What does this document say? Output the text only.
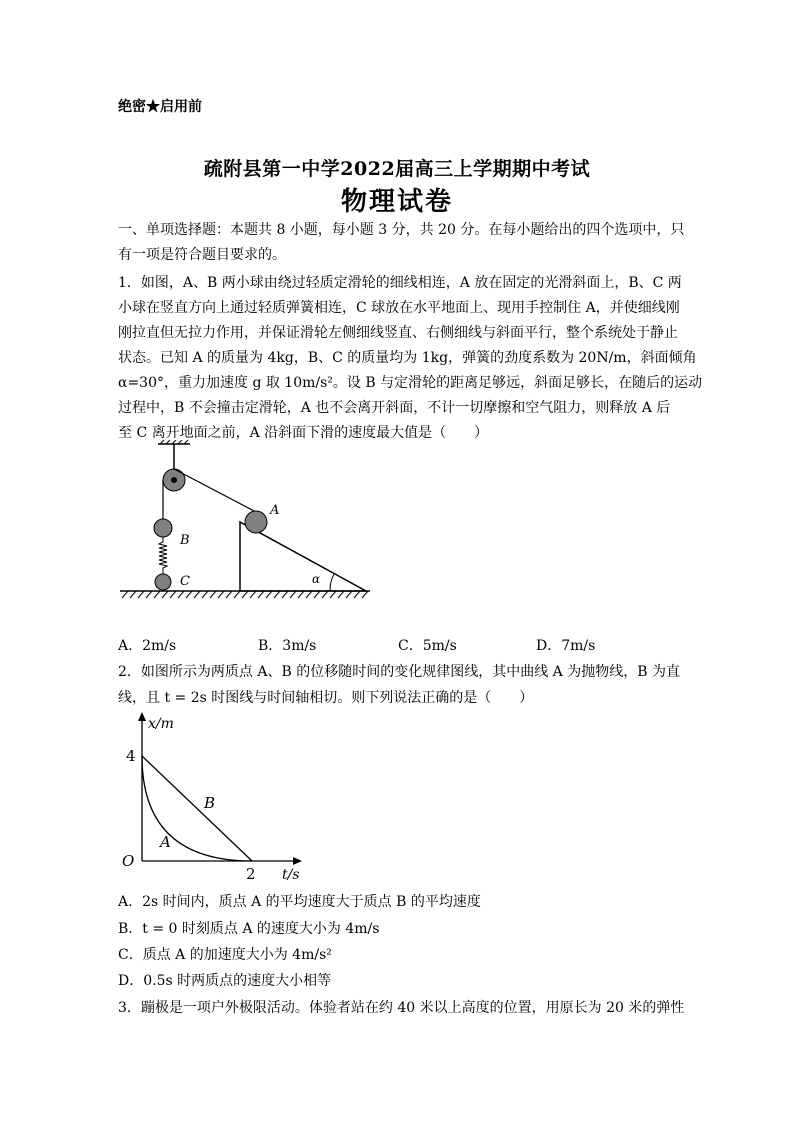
绝密★启用前
疏附县第一中学2022届高三上学期期中考试
物理试卷
一、单项选择题：本题共 8 小题，每小题 3 分，共 20 分。在每小题给出的四个选项中，只
有一项是符合题目要求的。
1．如图，A、B 两小球由绕过轻质定滑轮的细线相连，A 放在固定的光滑斜面上，B、C 两
小球在竖直方向上通过轻质弹簧相连，C 球放在水平地面上、现用手控制住 A，并使细线刚
刚拉直但无拉力作用，并保证滑轮左侧细线竖直、右侧细线与斜面平行，整个系统处于静止
状态。已知 A 的质量为 4kg，B、C 的质量均为 1kg，弹簧的劲度系数为 20N/m，斜面倾角
α=30°，重力加速度 g 取 10m/s²。设 B 与定滑轮的距离足够远，斜面足够长，在随后的运动
过程中，B 不会撞击定滑轮，A 也不会离开斜面，不计一切摩擦和空气阻力，则释放 A 后
至 C 离开地面之前，A 沿斜面下滑的速度最大值是（　　）
A
B
C	α
A．2m/s	B．3m/s	C．5m/s	D．7m/s
2．如图所示为两质点 A、B 的位移随时间的变化规律图线，其中曲线 A 为抛物线，B 为直
线，且 t = 2s 时图线与时间轴相切。则下列说法正确的是（　　）
x/m
t/s
O
4
2
A
B
A．2s 时间内，质点 A 的平均速度大于质点 B 的平均速度
B．t = 0 时刻质点 A 的速度大小为 4m/s
C．质点 A 的加速度大小为 4m/s²
D．0.5s 时两质点的速度大小相等
3．蹦极是一项户外极限活动。体验者站在约 40 米以上高度的位置，用原长为 20 米的弹性
